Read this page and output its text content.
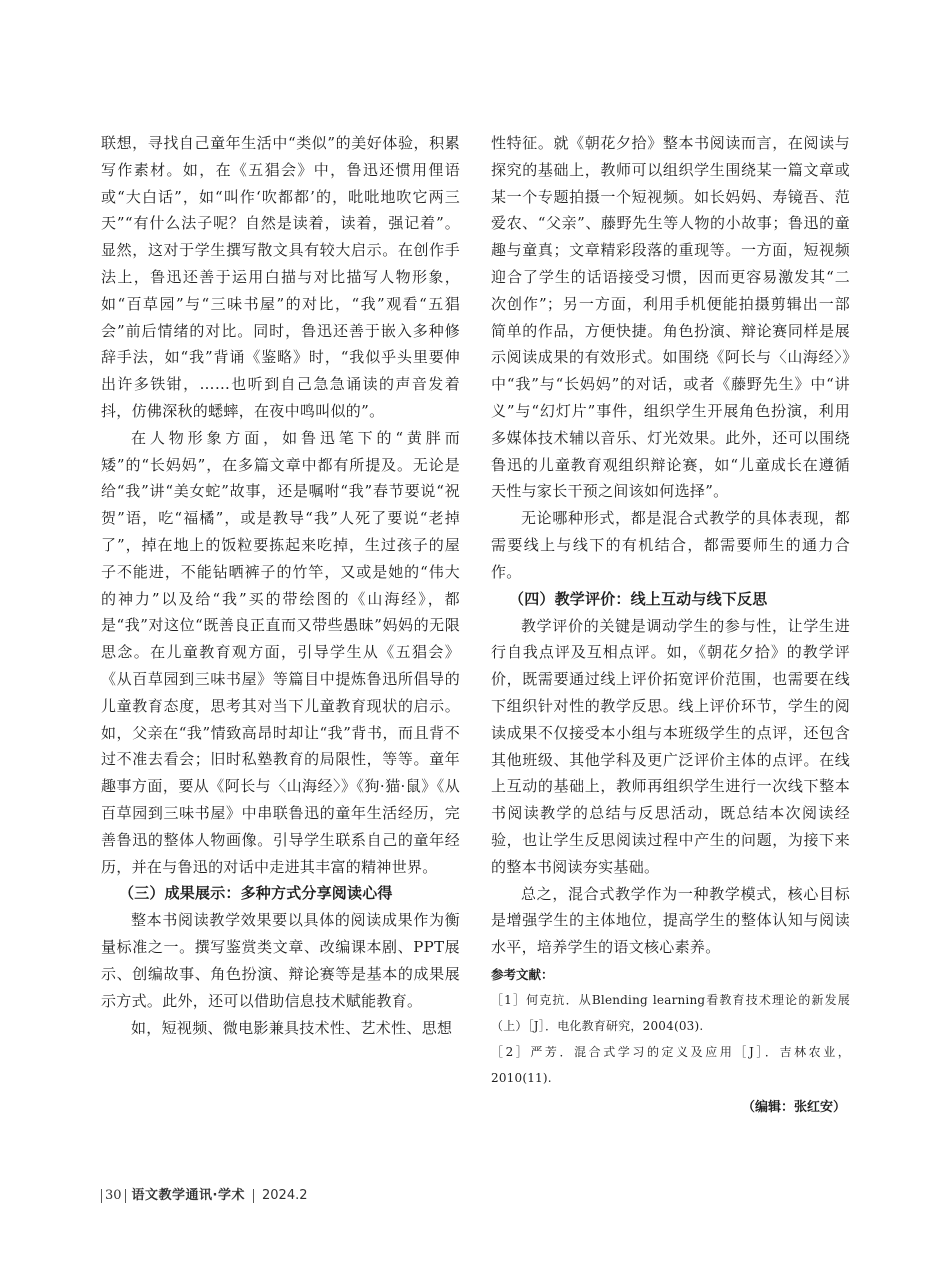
联想，寻找自己童年生活中“类似”的美好体验，积累写作素材。如，在《五猖会》中，鲁迅还惯用俚语或“大白话”，如“叫作‘吹都都’的，吡吡地吹它两三天”“有什么法子呢？自然是读着，读着，强记着”。显然，这对于学生撰写散文具有较大启示。在创作手法上，鲁迅还善于运用白描与对比描写人物形象，如“百草园”与“三味书屋”的对比，“我”观看“五猖会”前后情绪的对比。同时，鲁迅还善于嵌入多种修辞手法，如“我”背诵《鉴略》时，“我似乎头里要伸出许多铁钳，……也听到自己急急诵读的声音发着抖，仿佛深秋的蟋蟀，在夜中鸣叫似的”。

在人物形象方面，如鲁迅笔下的“黄胖而矮”的“长妈妈”，在多篇文章中都有所提及。无论是给“我”讲“美女蛇”故事，还是嘱咐“我”春节要说“祝贺”语，吃“福橘”，或是教导“我”人死了要说“老掉了”，掉在地上的饭粒要拣起来吃掉，生过孩子的屋子不能进，不能钻晒裤子的竹竿，又或是她的“伟大的神力”以及给“我”买的带绘图的《山海经》，都是“我”对这位“既善良正直而又带些愚昧”妈妈的无限思念。在儿童教育观方面，引导学生从《五猖会》《从百草园到三味书屋》等篇目中提炼鲁迅所倡导的儿童教育态度，思考其对当下儿童教育现状的启示。如，父亲在“我”情致高昂时却让“我”背书，而且背不过不准去看会；旧时私塾教育的局限性，等等。童年趣事方面，要从《阿长与〈山海经〉》《狗·猫·鼠》《从百草园到三味书屋》中串联鲁迅的童年生活经历，完善鲁迅的整体人物画像。引导学生联系自己的童年经历，并在与鲁迅的对话中走进其丰富的精神世界。

（三）成果展示：多种方式分享阅读心得

整本书阅读教学效果要以具体的阅读成果作为衡量标准之一。撰写鉴赏类文章、改编课本剧、PPT展示、创编故事、角色扮演、辩论赛等是基本的成果展示方式。此外，还可以借助信息技术赋能教育。

如，短视频、微电影兼具技术性、艺术性、思想

性特征。就《朝花夕拾》整本书阅读而言，在阅读与探究的基础上，教师可以组织学生围绕某一篇文章或某一个专题拍摄一个短视频。如长妈妈、寿镜吾、范爱农、“父亲”、藤野先生等人物的小故事；鲁迅的童趣与童真；文章精彩段落的重现等。一方面，短视频迎合了学生的话语接受习惯，因而更容易激发其“二次创作”；另一方面，利用手机便能拍摄剪辑出一部简单的作品，方便快捷。角色扮演、辩论赛同样是展示阅读成果的有效形式。如围绕《阿长与〈山海经〉》中“我”与“长妈妈”的对话，或者《藤野先生》中“讲义”与“幻灯片”事件，组织学生开展角色扮演，利用多媒体技术辅以音乐、灯光效果。此外，还可以围绕鲁迅的儿童教育观组织辩论赛，如“儿童成长在遵循天性与家长干预之间该如何选择”。

无论哪种形式，都是混合式教学的具体表现，都需要线上与线下的有机结合，都需要师生的通力合作。

（四）教学评价：线上互动与线下反思

教学评价的关键是调动学生的参与性，让学生进行自我点评及互相点评。如，《朝花夕拾》的教学评价，既需要通过线上评价拓宽评价范围，也需要在线下组织针对性的教学反思。线上评价环节，学生的阅读成果不仅接受本小组与本班级学生的点评，还包含其他班级、其他学科及更广泛评价主体的点评。在线上互动的基础上，教师再组织学生进行一次线下整本书阅读教学的总结与反思活动，既总结本次阅读经验，也让学生反思阅读过程中产生的问题，为接下来的整本书阅读夯实基础。

总之，混合式教学作为一种教学模式，核心目标是增强学生的主体地位，提高学生的整体认知与阅读水平，培养学生的语文核心素养。

参考文献：

［1］何克抗．从Blending learning看教育技术理论的新发展（上）［J］．电化教育研究，2004(03).

［2］严芳．混合式学习的定义及应用［J］．吉林农业，2010(11).

（编辑：张红安）

30 语文教学通讯·学术 2024.2
